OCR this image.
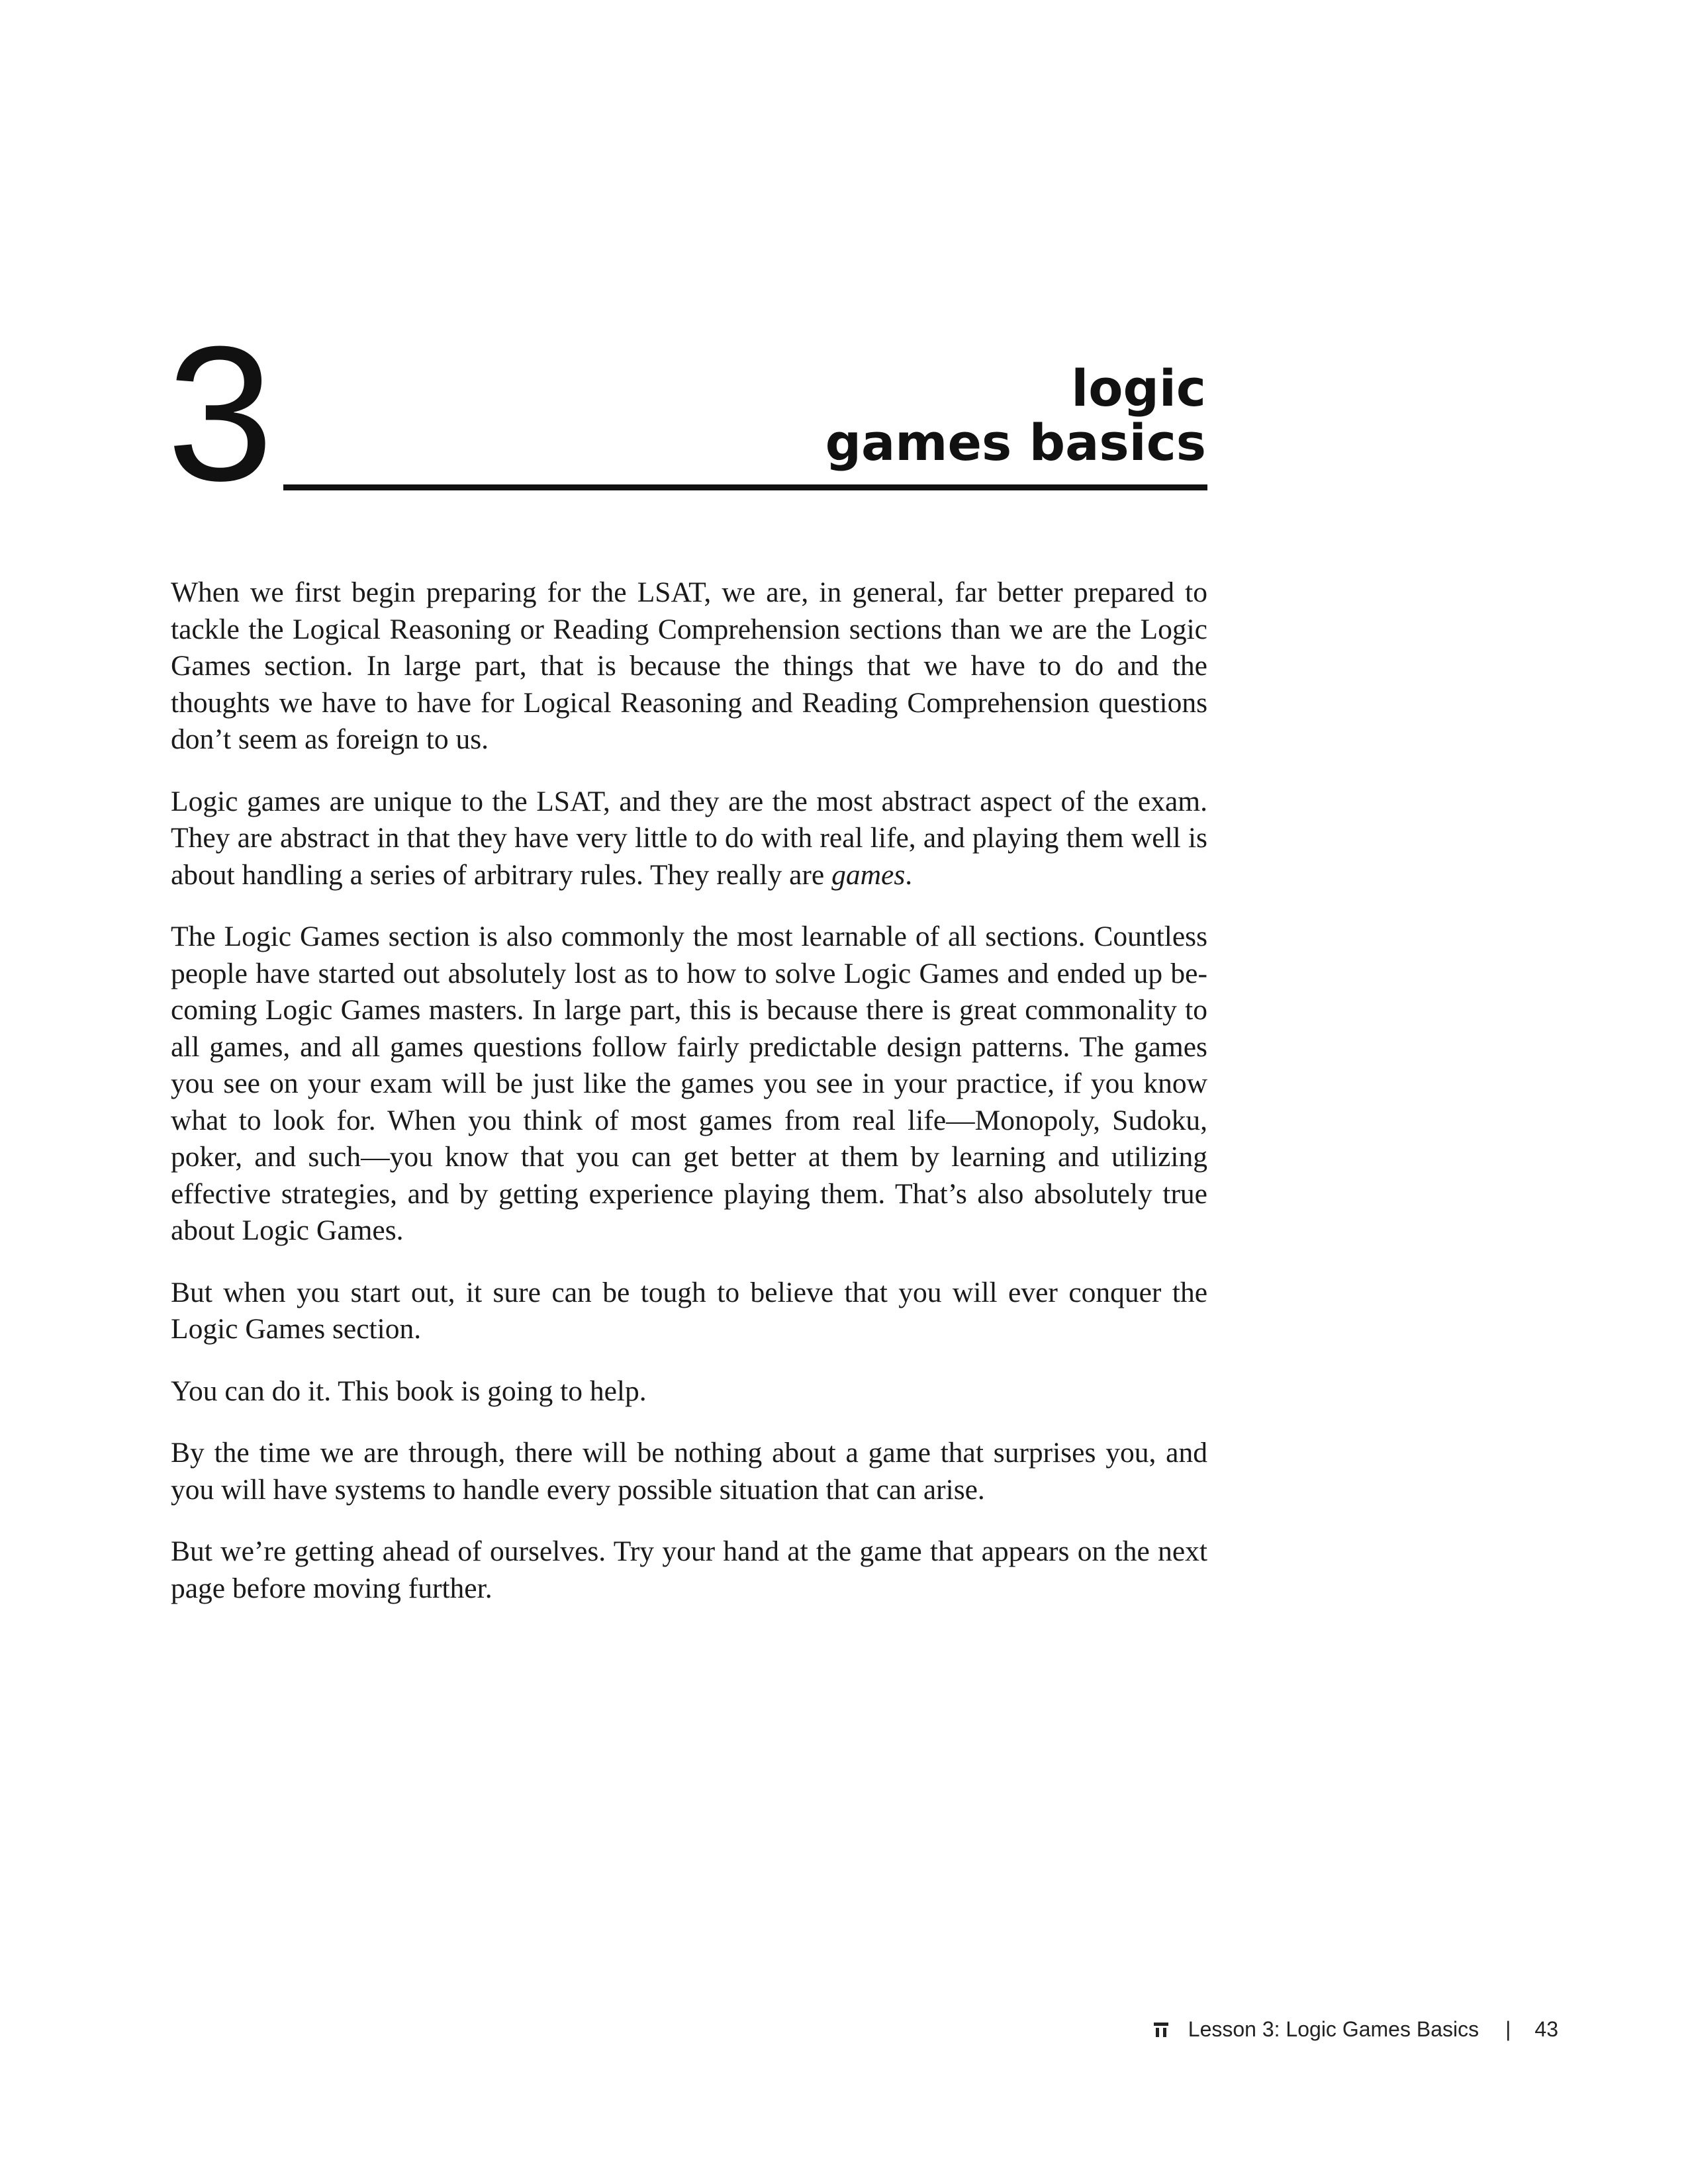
3	logic
games basics

When we first begin preparing for the LSAT, we are, in general, far better prepared to tackle the Logical Reasoning or Reading Comprehension sections than we are the Logic Games section. In large part, that is because the things that we have to do and the thoughts we have to have for Logical Reasoning and Reading Comprehension questions don’t seem as foreign to us.

Logic games are unique to the LSAT, and they are the most abstract aspect of the exam. They are abstract in that they have very little to do with real life, and playing them well is about handling a series of arbitrary rules. They really are games.

The Logic Games section is also commonly the most learnable of all sections. Countless people have started out absolutely lost as to how to solve Logic Games and ended up becoming Logic Games masters. In large part, this is because there is great commonality to all games, and all games questions follow fairly predictable design patterns. The games you see on your exam will be just like the games you see in your practice, if you know what to look for. When you think of most games from real life—Monopoly, Sudoku, poker, and such—you know that you can get better at them by learning and utilizing effective strategies, and by getting experience playing them. That’s also absolutely true about Logic Games.

But when you start out, it sure can be tough to believe that you will ever conquer the Logic Games section.

You can do it. This book is going to help.

By the time we are through, there will be nothing about a game that surprises you, and you will have systems to handle every possible situation that can arise.

But we’re getting ahead of ourselves. Try your hand at the game that appears on the next page before moving further.

Lesson 3: Logic Games Basics | 43
